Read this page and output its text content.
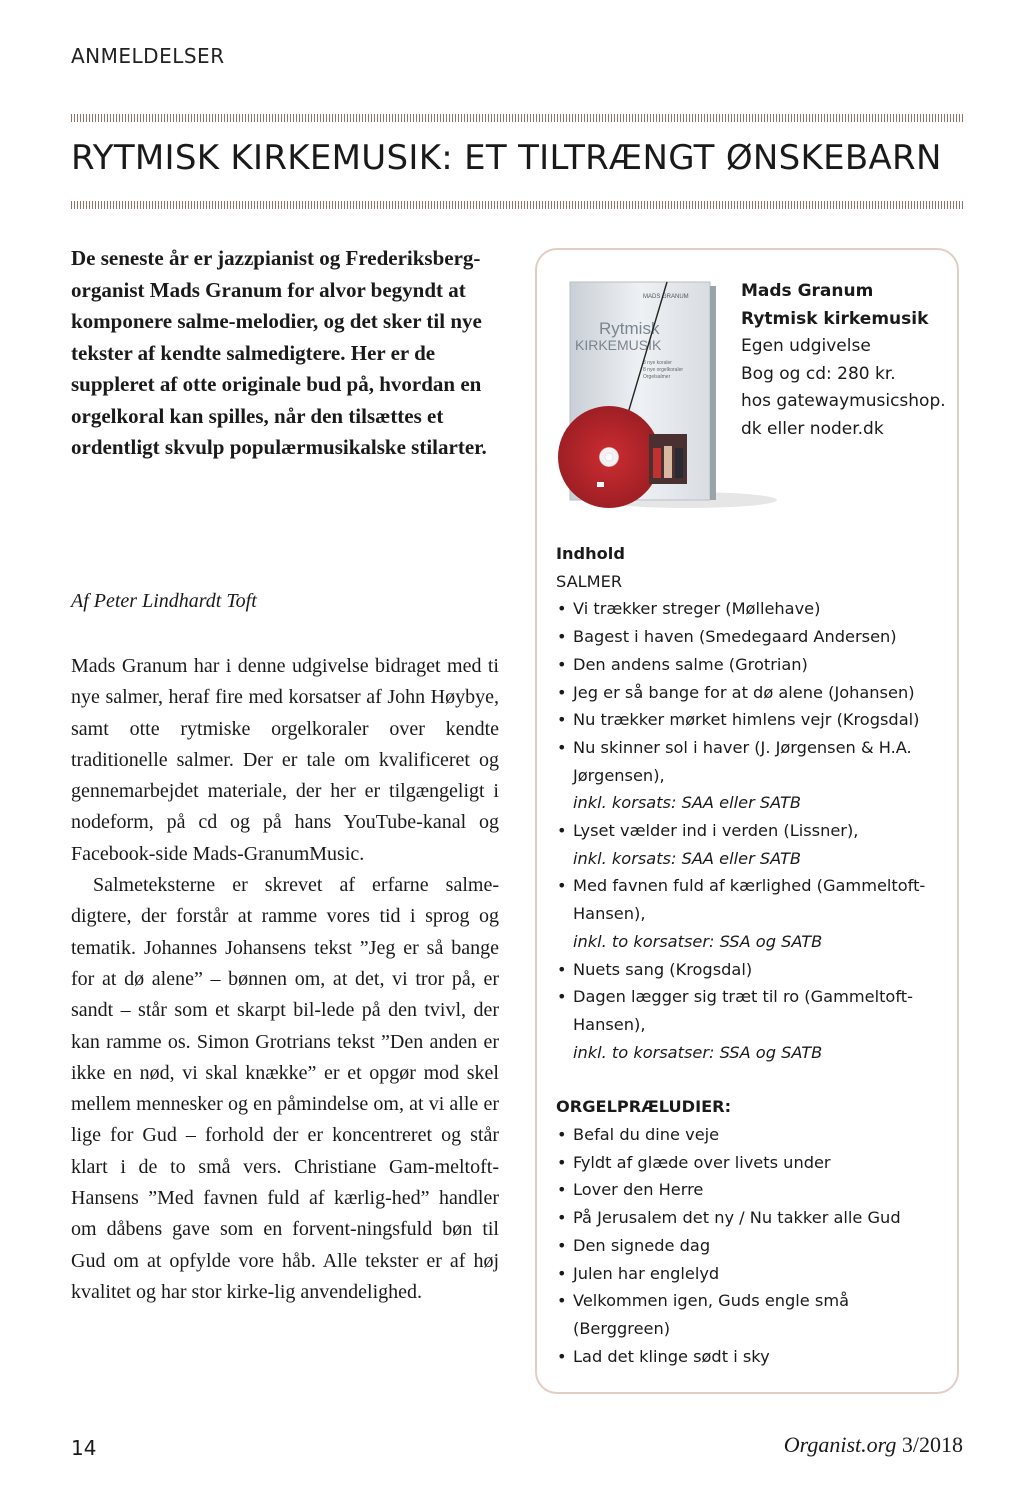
ANMELDELSER
RYTMISK KIRKEMUSIK: ET TILTRÆNGT ØNSKEBARN

De seneste år er jazzpianist og Frederiksberg-organist Mads Granum for alvor begyndt at komponere salme-melodier, og det sker til nye tekster af kendte salmedigtere. Her er de suppleret af otte originale bud på, hvordan en orgelkoral kan spilles, når den tilsættes et ordentligt skvulp populærmusikalske stilarter.

Af Peter Lindhardt Toft

Mads Granum har i denne udgivelse bidraget med ti nye salmer, heraf fire med korsatser af John Høybye, samt otte rytmiske orgelkoraler over kendte traditionelle salmer. Der er tale om kvalificeret og gennemarbejdet materiale, der her er tilgængeligt i nodeform, på cd og på hans YouTube-kanal og Facebook-side Mads-GranumMusic.

Salmeteksterne er skrevet af erfarne salme-digtere, der forstår at ramme vores tid i sprog og tematik. Johannes Johansens tekst ”Jeg er så bange for at dø alene” – bønnen om, at det, vi tror på, er sandt – står som et skarpt bil-lede på den tvivl, der kan ramme os. Simon Grotrians tekst ”Den anden er ikke en nød, vi skal knække” er et opgør mod skel mellem mennesker og en påmindelse om, at vi alle er lige for Gud – forhold der er koncentreret og står klart i de to små vers. Christiane Gam-meltoft-Hansens ”Med favnen fuld af kærlig-hed” handler om dåbens gave som en forvent-ningsfuld bøn til Gud om at opfylde vore håb. Alle tekster er af høj kvalitet og har stor kirke-lig anvendelighed.

MADS GRANUM
Rytmisk
KIRKEMUSIK
8 nye koraler
8 nye orgelkoraler
Orgelsalmer
Mads Granum
Rytmisk kirkemusik
Egen udgivelse
Bog og cd: 280 kr.
hos gatewaymusicshop.
dk eller noder.dk
Indhold
SALMER
• Vi trækker streger (Møllehave)
• Bagest i haven (Smedegaard Andersen)
• Den andens salme (Grotrian)
• Jeg er så bange for at dø alene (Johansen)
• Nu trækker mørket himlens vejr (Krogsdal)
• Nu skinner sol i haver (J. Jørgensen & H.A. Jørgensen),
inkl. korsats: SAA eller SATB
• Lyset vælder ind i verden (Lissner),
inkl. korsats: SAA eller SATB
• Med favnen fuld af kærlighed (Gammeltoft-Hansen),
inkl. to korsatser: SSA og SATB
• Nuets sang (Krogsdal)
• Dagen lægger sig træt til ro (Gammeltoft-Hansen),
inkl. to korsatser: SSA og SATB
ORGELPRÆLUDIER:
• Befal du dine veje
• Fyldt af glæde over livets under
• Lover den Herre
• På Jerusalem det ny / Nu takker alle Gud
• Den signede dag
• Julen har englelyd
• Velkommen igen, Guds engle små (Berggreen)
• Lad det klinge sødt i sky
14	Organist.org 3/2018
